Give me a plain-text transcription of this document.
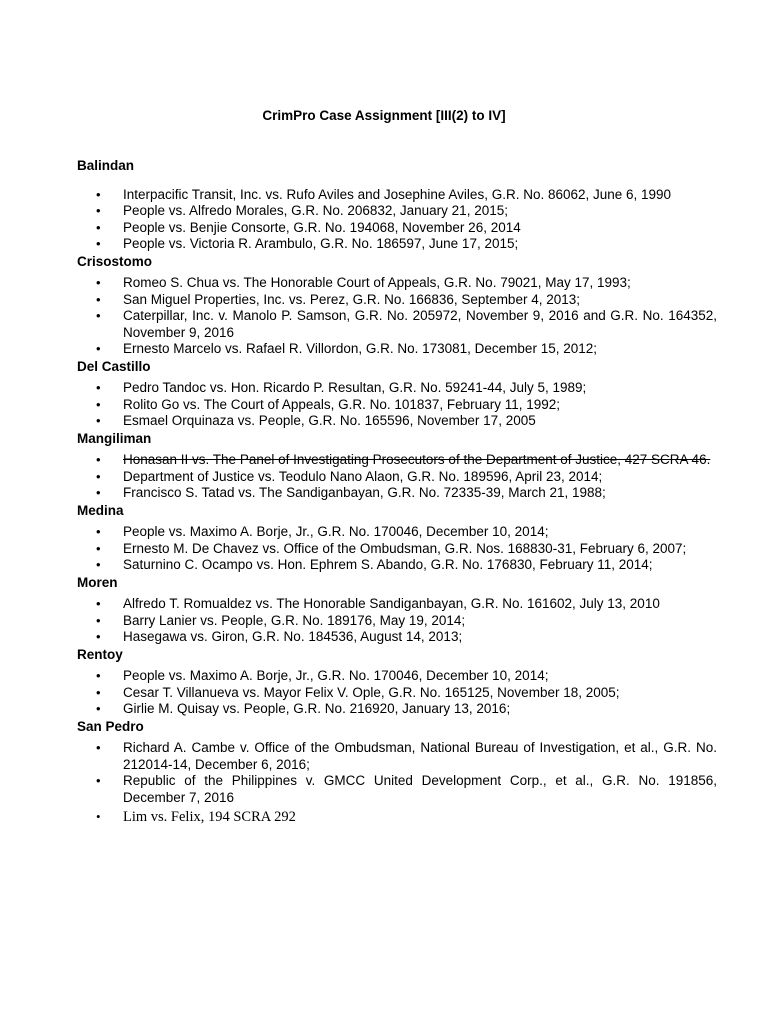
CrimPro Case Assignment [III(2) to IV]
Balindan
• Interpacific Transit, Inc. vs. Rufo Aviles and Josephine Aviles, G.R. No. 86062, June 6, 1990
• People vs. Alfredo Morales, G.R. No. 206832, January 21, 2015;
• People vs. Benjie Consorte, G.R. No. 194068, November 26, 2014
• People vs. Victoria R. Arambulo, G.R. No. 186597, June 17, 2015;
Crisostomo
• Romeo S. Chua vs. The Honorable Court of Appeals, G.R. No. 79021, May 17, 1993;
• San Miguel Properties, Inc. vs. Perez, G.R. No. 166836, September 4, 2013;
• Caterpillar, Inc. v. Manolo P. Samson, G.R. No. 205972, November 9, 2016 and G.R. No. 164352, November 9, 2016
• Ernesto Marcelo vs. Rafael R. Villordon, G.R. No. 173081, December 15, 2012;
Del Castillo
• Pedro Tandoc vs. Hon. Ricardo P. Resultan, G.R. No. 59241-44, July 5, 1989;
• Rolito Go vs. The Court of Appeals, G.R. No. 101837, February 11, 1992;
• Esmael Orquinaza vs. People, G.R. No. 165596, November 17, 2005
Mangiliman
• Honasan II vs. The Panel of Investigating Prosecutors of the Department of Justice, 427 SCRA 46.
• Department of Justice vs. Teodulo Nano Alaon, G.R. No. 189596, April 23, 2014;
• Francisco S. Tatad vs. The Sandiganbayan, G.R. No. 72335-39, March 21, 1988;
Medina
• People vs. Maximo A. Borje, Jr., G.R. No. 170046, December 10, 2014;
• Ernesto M. De Chavez vs. Office of the Ombudsman, G.R. Nos. 168830-31, February 6, 2007;
• Saturnino C. Ocampo vs. Hon. Ephrem S. Abando, G.R. No. 176830, February 11, 2014;
Moren
• Alfredo T. Romualdez vs. The Honorable Sandiganbayan, G.R. No. 161602, July 13, 2010
• Barry Lanier vs. People, G.R. No. 189176, May 19, 2014;
• Hasegawa vs. Giron, G.R. No. 184536, August 14, 2013;
Rentoy
• People vs. Maximo A. Borje, Jr., G.R. No. 170046, December 10, 2014;
• Cesar T. Villanueva vs. Mayor Felix V. Ople, G.R. No. 165125, November 18, 2005;
• Girlie M. Quisay vs. People, G.R. No. 216920, January 13, 2016;
San Pedro
• Richard A. Cambe v. Office of the Ombudsman, National Bureau of Investigation, et al., G.R. No. 212014-14, December 6, 2016;
• Republic of the Philippines v. GMCC United Development Corp., et al., G.R. No. 191856, December 7, 2016
• Lim vs. Felix, 194 SCRA 292
